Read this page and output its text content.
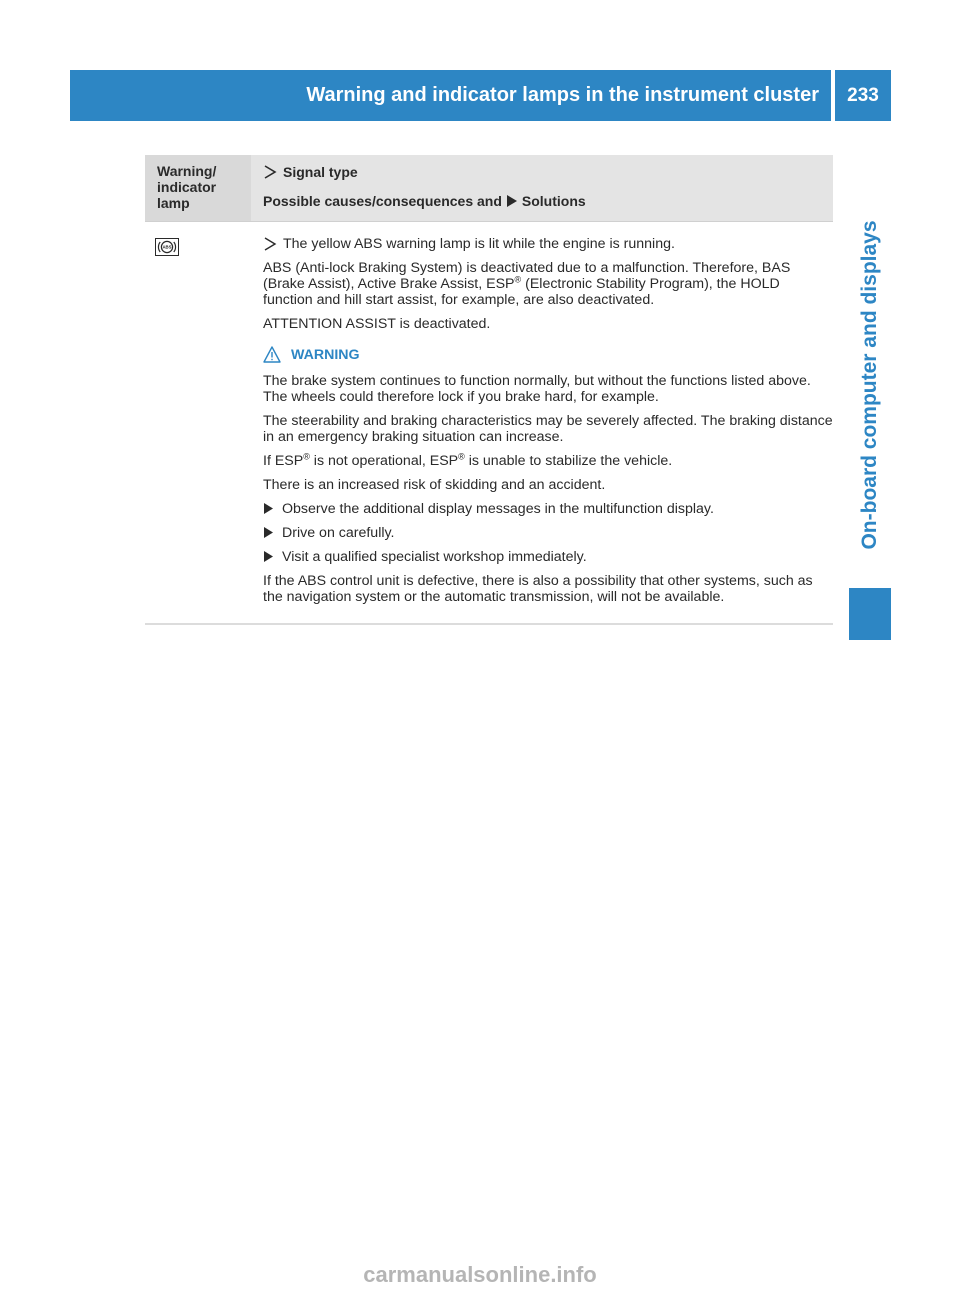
Warning and indicator lamps in the instrument cluster 233
On-board computer and displays
Warning/ indicator lamp
Signal type
Possible causes/consequences and Solutions
ABS	The yellow ABS warning lamp is lit while the engine is running.

ABS (Anti-lock Braking System) is deactivated due to a malfunction. Therefore, BAS (Brake Assist), Active Brake Assist, ESP® (Electronic Stability Program), the HOLD function and hill start assist, for example, are also deactivated.

ATTENTION ASSIST is deactivated.

WARNING

The brake system continues to function normally, but without the functions listed above. The wheels could therefore lock if you brake hard, for example.

The steerability and braking characteristics may be severely affected. The braking distance in an emergency braking situation can increase.

If ESP® is not operational, ESP® is unable to stabilize the vehicle.

There is an increased risk of skidding and an accident.

Observe the additional display messages in the multifunction display.
Drive on carefully.
Visit a qualified specialist workshop immediately.

If the ABS control unit is defective, there is also a possibility that other systems, such as the navigation system or the automatic transmission, will not be available.

carmanualsonline.info
